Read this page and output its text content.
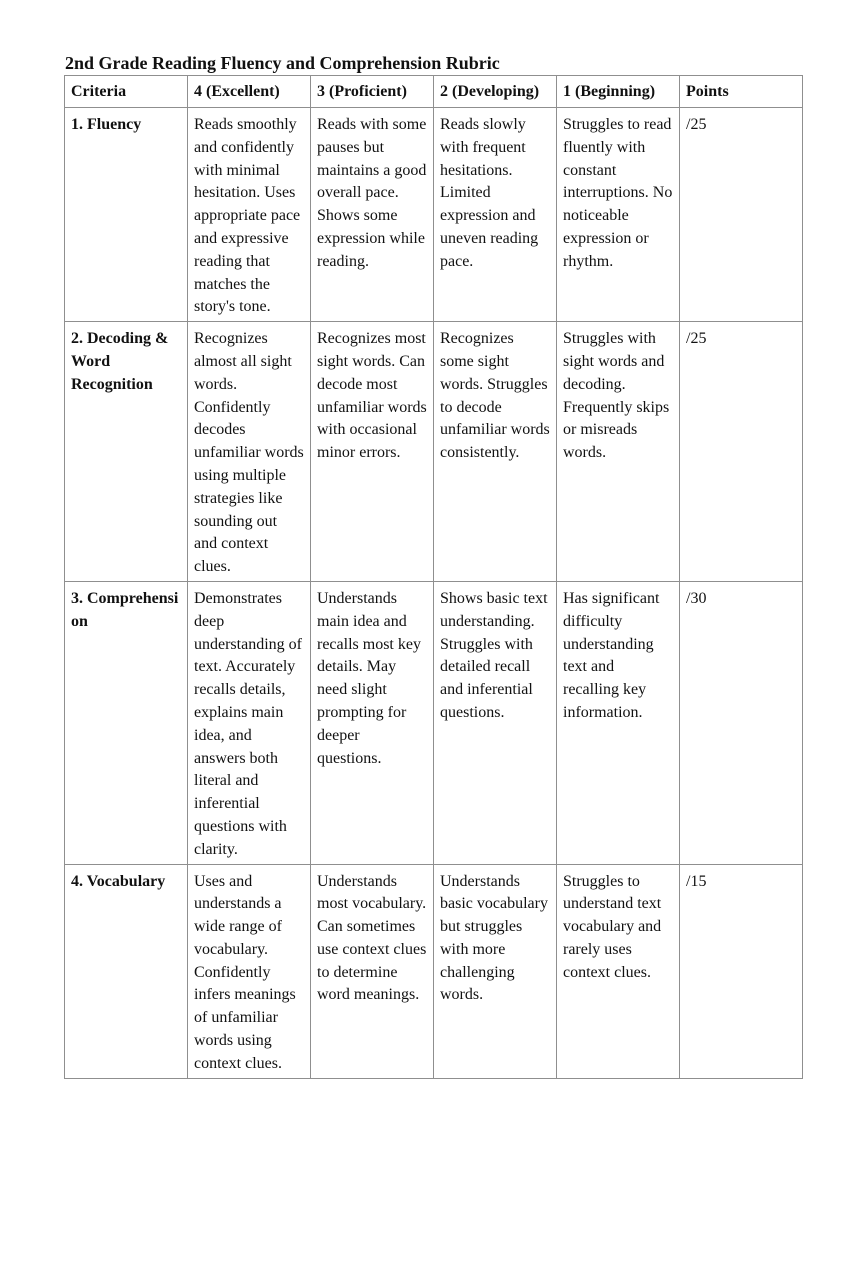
2nd Grade Reading Fluency and Comprehension Rubric
Criteria	4 (Excellent)	3 (Proficient)	2 (Developing)	1 (Beginning)	Points
1. Fluency	Reads smoothly and confidently with minimal hesitation. Uses appropriate pace and expressive reading that matches the story's tone.	Reads with some pauses but maintains a good overall pace. Shows some expression while reading.	Reads slowly with frequent hesitations. Limited expression and uneven reading pace.	Struggles to read fluently with constant interruptions. No noticeable expression or rhythm.	/25
2. Decoding & Word Recognition	Recognizes almost all sight words. Confidently decodes unfamiliar words using multiple strategies like sounding out and context clues.	Recognizes most sight words. Can decode most unfamiliar words with occasional minor errors.	Recognizes some sight words. Struggles to decode unfamiliar words consistently.	Struggles with sight words and decoding. Frequently skips or misreads words.	/25
3. Comprehension	Demonstrates deep understanding of text. Accurately recalls details, explains main idea, and answers both literal and inferential questions with clarity.	Understands main idea and recalls most key details. May need slight prompting for deeper questions.	Shows basic text understanding. Struggles with detailed recall and inferential questions.	Has significant difficulty understanding text and recalling key information.	/30
4. Vocabulary	Uses and understands a wide range of vocabulary. Confidently infers meanings of unfamiliar words using context clues.	Understands most vocabulary. Can sometimes use context clues to determine word meanings.	Understands basic vocabulary but struggles with more challenging words.	Struggles to understand text vocabulary and rarely uses context clues.	/15
